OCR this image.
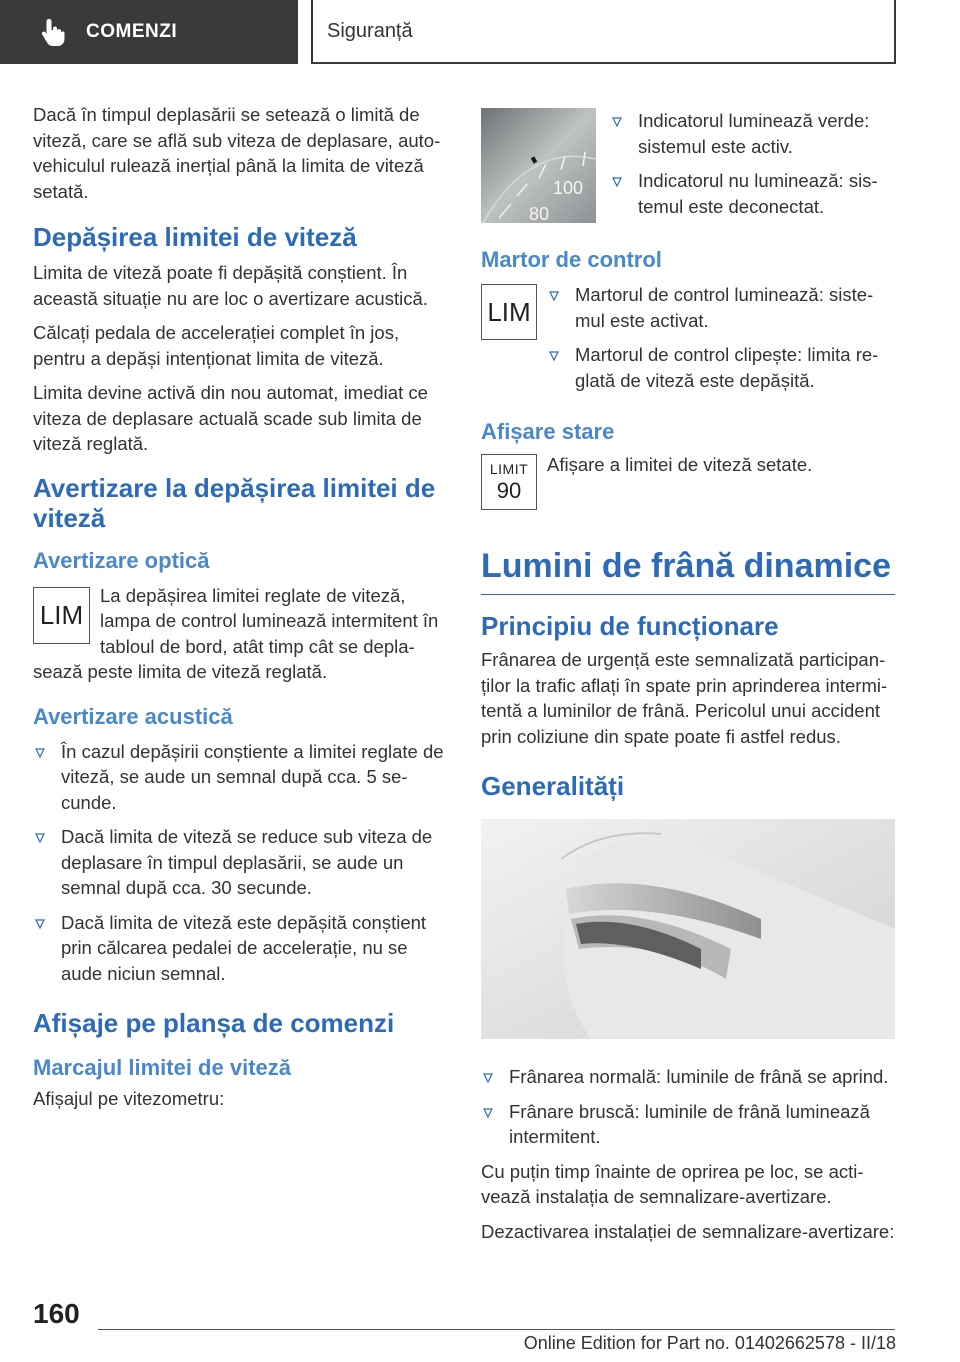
COMENZI	Siguranță

Dacă în timpul deplasării se setează o limită de viteză, care se află sub viteza de deplasare, autovehiculul rulează inerțial până la limita de viteză setată.

Depășirea limitei de viteză

Limita de viteză poate fi depășită conștient. În această situație nu are loc o avertizare acustică.

Călcați pedala de accelerației complet în jos, pentru a depăși intenționat limita de viteză.

Limita devine activă din nou automat, imediat ce viteza de deplasare actuală scade sub limita de viteză reglată.

Avertizare la depășirea limitei de viteză
Avertizare optică
LIM

La depășirea limitei reglate de viteză, lampa de control luminează intermitent în tabloul de bord, atât timp cât se deplasează peste limita de viteză reglată.

Avertizare acustică
În cazul depășirii conștiente a limitei reglate de viteză, se aude un semnal după cca. 5 secunde.
Dacă limita de viteză se reduce sub viteza de deplasare în timpul deplasării, se aude un semnal după cca. 30 secunde.
Dacă limita de viteză este depășită conștient prin călcarea pedalei de accelerație, nu se aude niciun semnal.
Afișaje pe planșa de comenzi
Marcajul limitei de viteză

Afișajul pe vitezometru:

100
80
Indicatorul luminează verde: sistemul este activ.
Indicatorul nu luminează: sistemul este deconectat.
Martor de control
LIM
Martorul de control luminează: sistemul este activat.
Martorul de control clipește: limita reglată de viteză este depășită.
Afișare stare
LIMIT
90

Afișare a limitei de viteză setate.

Lumini de frână dinamice
Principiu de funcționare

Frânarea de urgență este semnalizată participanților la trafic aflați în spate prin aprinderea intermitentă a luminilor de frână. Pericolul unui accident prin coliziune din spate poate fi astfel redus.

Generalități
Frânarea normală: luminile de frână se aprind.
Frânare bruscă: luminile de frână luminează intermitent.

Cu puțin timp înainte de oprirea pe loc, se activează instalația de semnalizare-avertizare.

Dezactivarea instalației de semnalizare-avertizare:

160
Online Edition for Part no. 01402662578 - II/18
